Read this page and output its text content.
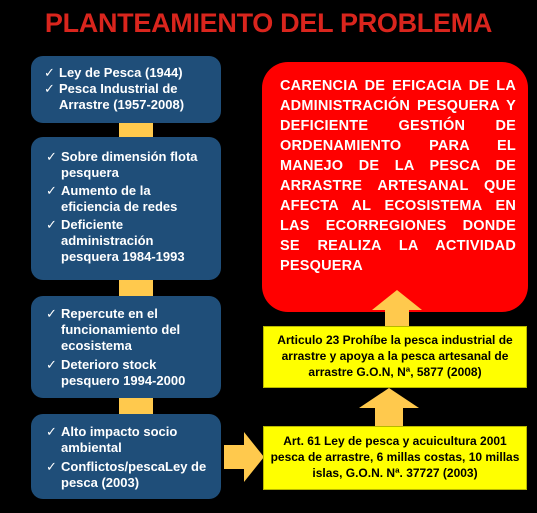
PLANTEAMIENTO DEL PROBLEMA
✓ Ley de Pesca (1944)
✓ Pesca Industrial de Arrastre (1957-2008)
✓ Sobre dimensión flota pesquera
✓ Aumento de la eficiencia de redes
✓ Deficiente administración pesquera 1984-1993
✓ Repercute en el funcionamiento del ecosistema
✓ Deterioro stock pesquero 1994-2000
✓ Alto impacto socio ambiental
✓ Conflictos/pescaLey de pesca (2003)
CARENCIA DE EFICACIA DE LA ADMINISTRACIÓN PESQUERA Y DEFICIENTE GESTIÓN DE ORDENAMIENTO PARA EL MANEJO DE LA PESCA DE ARRASTRE ARTESANAL QUE AFECTA AL ECOSISTEMA EN LAS ECORREGIONES DONDE SE REALIZA LA ACTIVIDAD PESQUERA
Articulo 23 Prohíbe la pesca industrial de arrastre y apoya a la pesca artesanal de arrastre G.O.N, Nª, 5877 (2008)
Art. 61 Ley de pesca y acuicultura 2001 pesca de arrastre, 6 millas costas, 10 millas islas, G.O.N. Nª. 37727 (2003)
